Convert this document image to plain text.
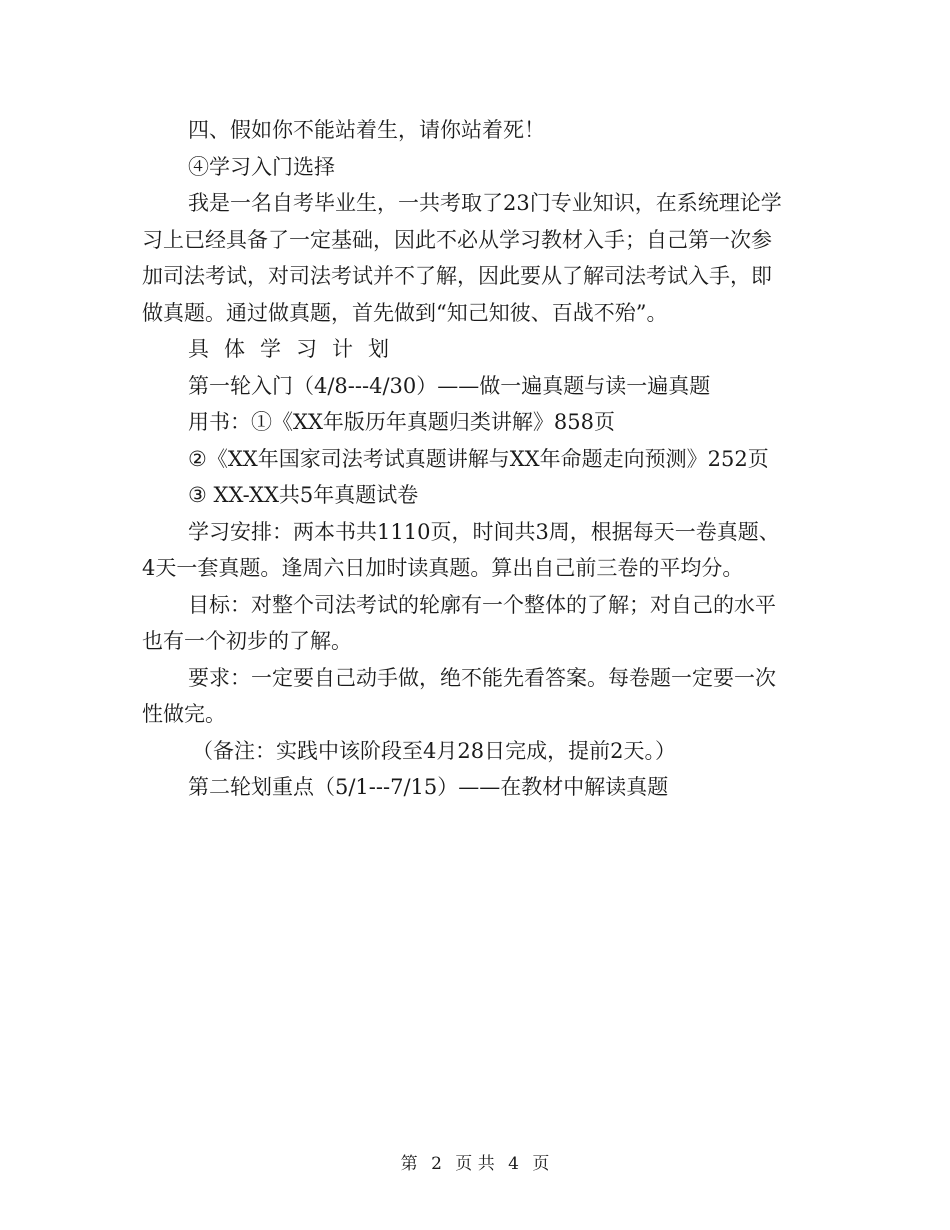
四、假如你不能站着生，请你站着死！
④学习入门选择
我是一名自考毕业生，一共考取了23门专业知识，在系统理论学
习上已经具备了一定基础，因此不必从学习教材入手；自己第一次参
加司法考试，对司法考试并不了解，因此要从了解司法考试入手，即
做真题。通过做真题，首先做到“知己知彼、百战不殆”。
具体学习计划
第一轮入门（4/8---4/30）——做一遍真题与读一遍真题
用书：①《XX年版历年真题归类讲解》858页
②《XX年国家司法考试真题讲解与XX年命题走向预测》252页
③ XX-XX共5年真题试卷
学习安排：两本书共1110页，时间共3周，根据每天一卷真题、
4天一套真题。逢周六日加时读真题。算出自己前三卷的平均分。
目标：对整个司法考试的轮廓有一个整体的了解；对自己的水平
也有一个初步的了解。
要求：一定要自己动手做，绝不能先看答案。每卷题一定要一次
性做完。
（备注：实践中该阶段至4月28日完成，提前2天。）
第二轮划重点（5/1---7/15）——在教材中解读真题
第 2 页 共 4 页
